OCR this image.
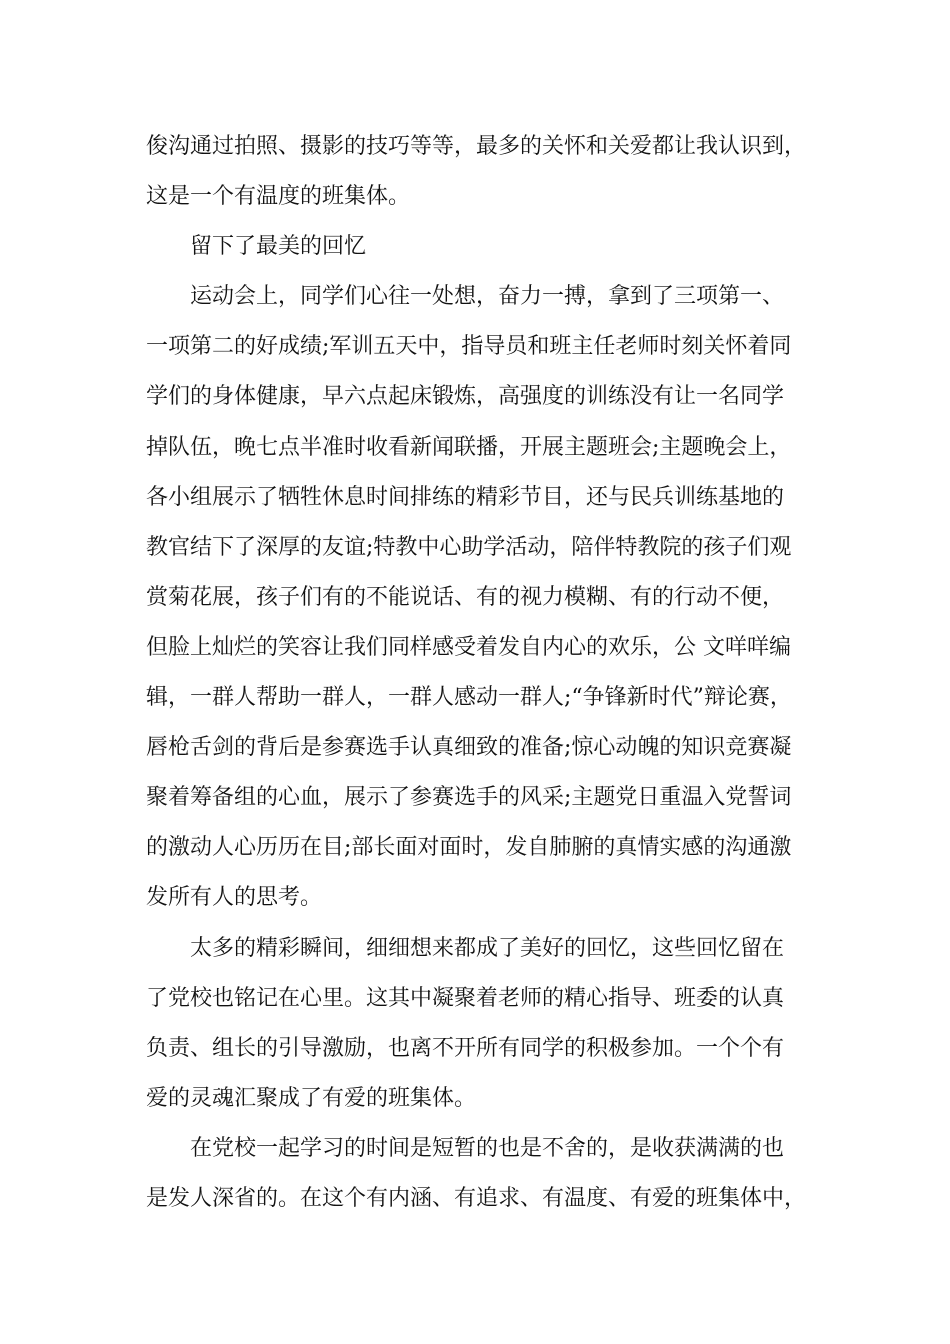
俊沟通过拍照、摄影的技巧等等，最多的关怀和关爱都让我认识到，
这是一个有温度的班集体。
留下了最美的回忆
运动会上，同学们心往一处想，奋力一搏，拿到了三项第一、
一项第二的好成绩;军训五天中，指导员和班主任老师时刻关怀着同
学们的身体健康，早六点起床锻炼，高强度的训练没有让一名同学
掉队伍，晚七点半准时收看新闻联播，开展主题班会;主题晚会上，
各小组展示了牺牲休息时间排练的精彩节目，还与民兵训练基地的
教官结下了深厚的友谊;特教中心助学活动，陪伴特教院的孩子们观
赏菊花展，孩子们有的不能说话、有的视力模糊、有的行动不便，
但脸上灿烂的笑容让我们同样感受着发自内心的欢乐，公 文咩咩编
辑，一群人帮助一群人，一群人感动一群人;“争锋新时代”辩论赛，
唇枪舌剑的背后是参赛选手认真细致的准备;惊心动魄的知识竞赛凝
聚着筹备组的心血，展示了参赛选手的风采;主题党日重温入党誓词
的激动人心历历在目;部长面对面时，发自肺腑的真情实感的沟通激
发所有人的思考。
太多的精彩瞬间，细细想来都成了美好的回忆，这些回忆留在
了党校也铭记在心里。这其中凝聚着老师的精心指导、班委的认真
负责、组长的引导激励，也离不开所有同学的积极参加。一个个有
爱的灵魂汇聚成了有爱的班集体。
在党校一起学习的时间是短暂的也是不舍的，是收获满满的也
是发人深省的。在这个有内涵、有追求、有温度、有爱的班集体中，
